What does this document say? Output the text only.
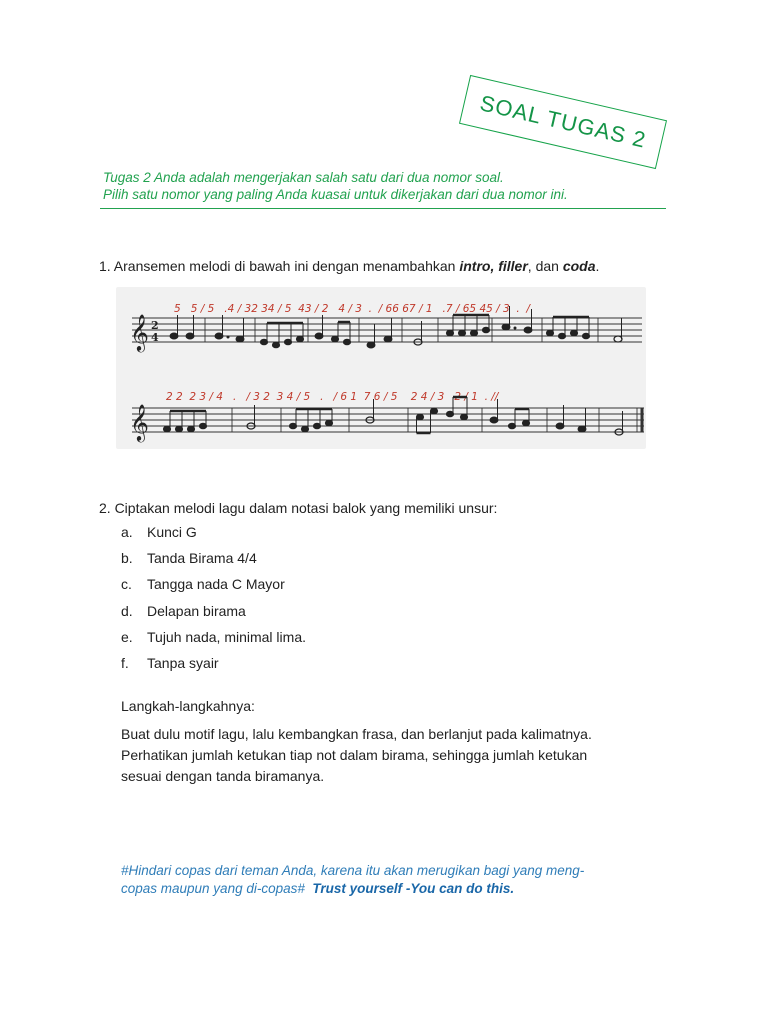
SOAL TUGAS 2
Tugas 2 Anda adalah mengerjakan salah satu dari dua nomor soal.
Pilih satu nomor yang paling Anda kuasai untuk dikerjakan dari dua nomor ini.
1. Aransemen melodi di bawah ini dengan menambahkan intro, filler, dan coda.
5   5 / 5   .4 / 32 34 / 5  43 / 2   4 / 3  .  / 66 67 / 1   .7 / 65 45 / 3  .  /
𝄞 2
4
2 2  2 3 / 4   .   / 3 2  3 4 / 5   .   / 6 1  7 6 / 5    2 4 / 3   2 / 1  . //
𝄞
2. Ciptakan melodi lagu dalam notasi balok yang memiliki unsur:
a.	Kunci G
b.	Tanda Birama 4/4
c.	Tangga nada C Mayor
d.	Delapan birama
e.	Tujuh nada, minimal lima.
f.	Tanpa syair
Langkah-langkahnya:
Buat dulu motif lagu, lalu kembangkan frasa, dan berlanjut pada kalimatnya.
Perhatikan jumlah ketukan tiap not dalam birama, sehingga jumlah ketukan
sesuai dengan tanda biramanya.
#Hindari copas dari teman Anda, karena itu akan merugikan bagi yang meng-
copas maupun yang di-copas# Trust yourself -You can do this.
